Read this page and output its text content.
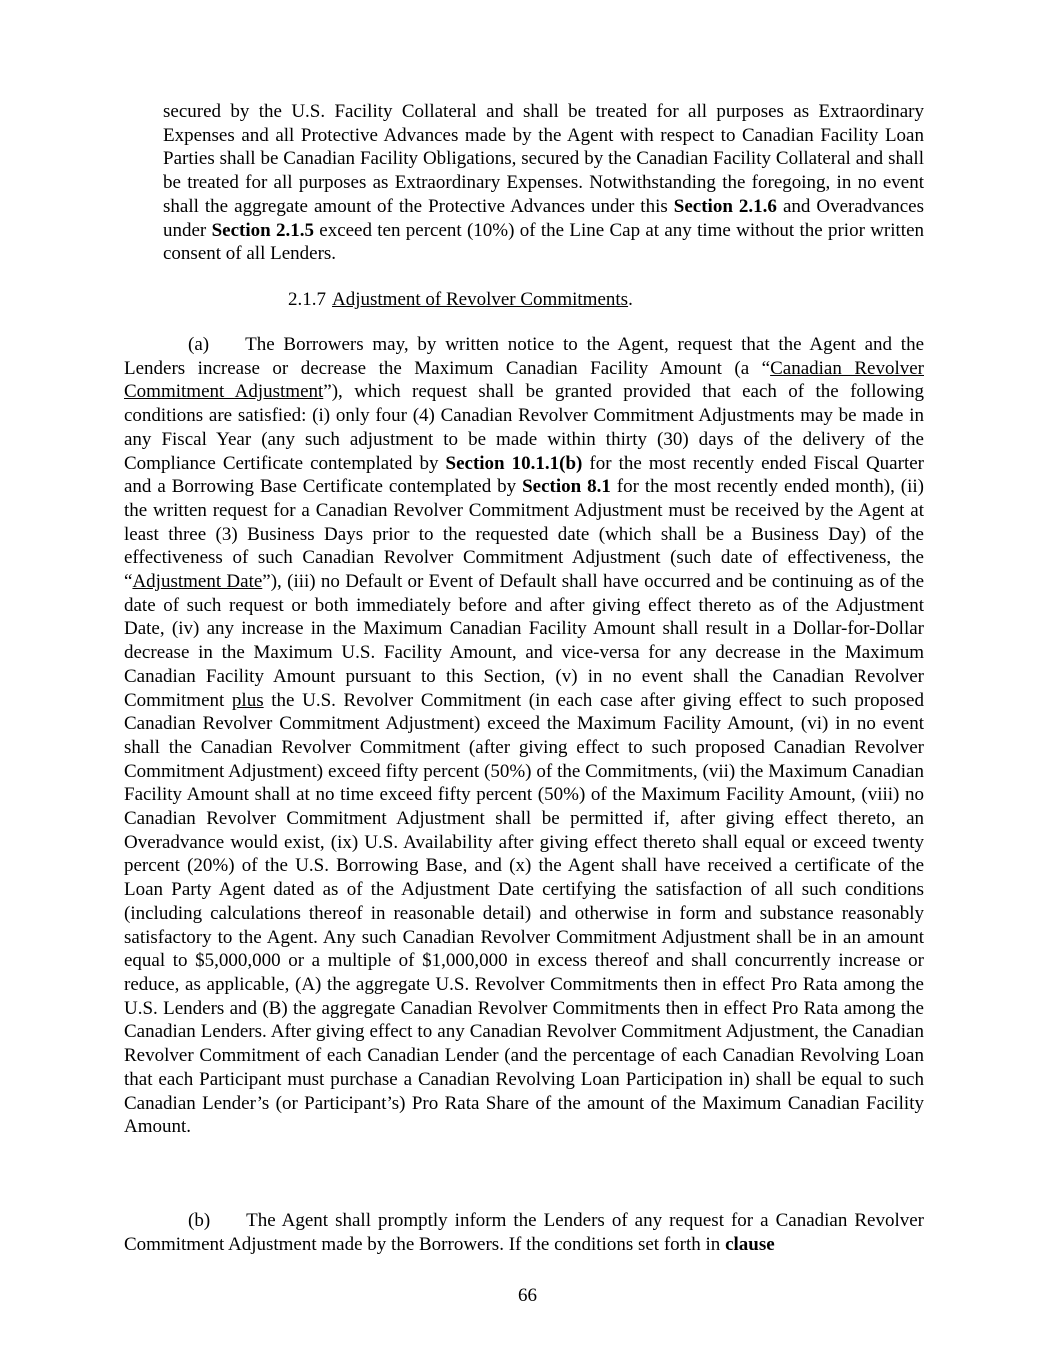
secured by the U.S. Facility Collateral and shall be treated for all purposes as Extraordinary Expenses and all Protective Advances made by the Agent with respect to Canadian Facility Loan Parties shall be Canadian Facility Obligations, secured by the Canadian Facility Collateral and shall be treated for all purposes as Extraordinary Expenses. Notwithstanding the foregoing, in no event shall the aggregate amount of the Protective Advances under this Section 2.1.6 and Overadvances under Section 2.1.5 exceed ten percent (10%) of the Line Cap at any time without the prior written consent of all Lenders.

2.1.7 Adjustment of Revolver Commitments.

(a) The Borrowers may, by written notice to the Agent, request that the Agent and the Lenders increase or decrease the Maximum Canadian Facility Amount (a “Canadian Revolver Commitment Adjustment”), which request shall be granted provided that each of the following conditions are satisfied: (i) only four (4) Canadian Revolver Commitment Adjustments may be made in any Fiscal Year (any such adjustment to be made within thirty (30) days of the delivery of the Compliance Certificate contemplated by Section 10.1.1(b) for the most recently ended Fiscal Quarter and a Borrowing Base Certificate contemplated by Section 8.1 for the most recently ended month), (ii) the written request for a Canadian Revolver Commitment Adjustment must be received by the Agent at least three (3) Business Days prior to the requested date (which shall be a Business Day) of the effectiveness of such Canadian Revolver Commitment Adjustment (such date of effectiveness, the “Adjustment Date”), (iii) no Default or Event of Default shall have occurred and be continuing as of the date of such request or both immediately before and after giving effect thereto as of the Adjustment Date, (iv) any increase in the Maximum Canadian Facility Amount shall result in a Dollar-for-Dollar decrease in the Maximum U.S. Facility Amount, and vice-versa for any decrease in the Maximum Canadian Facility Amount pursuant to this Section, (v) in no event shall the Canadian Revolver Commitment plus the U.S. Revolver Commitment (in each case after giving effect to such proposed Canadian Revolver Commitment Adjustment) exceed the Maximum Facility Amount, (vi) in no event shall the Canadian Revolver Commitment (after giving effect to such proposed Canadian Revolver Commitment Adjustment) exceed fifty percent (50%) of the Commitments, (vii) the Maximum Canadian Facility Amount shall at no time exceed fifty percent (50%) of the Maximum Facility Amount, (viii) no Canadian Revolver Commitment Adjustment shall be permitted if, after giving effect thereto, an Overadvance would exist, (ix) U.S. Availability after giving effect thereto shall equal or exceed twenty percent (20%) of the U.S. Borrowing Base, and (x) the Agent shall have received a certificate of the Loan Party Agent dated as of the Adjustment Date certifying the satisfaction of all such conditions (including calculations thereof in reasonable detail) and otherwise in form and substance reasonably satisfactory to the Agent. Any such Canadian Revolver Commitment Adjustment shall be in an amount equal to $5,000,000 or a multiple of $1,000,000 in excess thereof and shall concurrently increase or reduce, as applicable, (A) the aggregate U.S. Revolver Commitments then in effect Pro Rata among the U.S. Lenders and (B) the aggregate Canadian Revolver Commitments then in effect Pro Rata among the Canadian Lenders. After giving effect to any Canadian Revolver Commitment Adjustment, the Canadian Revolver Commitment of each Canadian Lender (and the percentage of each Canadian Revolving Loan that each Participant must purchase a Canadian Revolving Loan Participation in) shall be equal to such Canadian Lender’s (or Participant’s) Pro Rata Share of the amount of the Maximum Canadian Facility Amount.

(b) The Agent shall promptly inform the Lenders of any request for a Canadian Revolver Commitment Adjustment made by the Borrowers. If the conditions set forth in clause

66
